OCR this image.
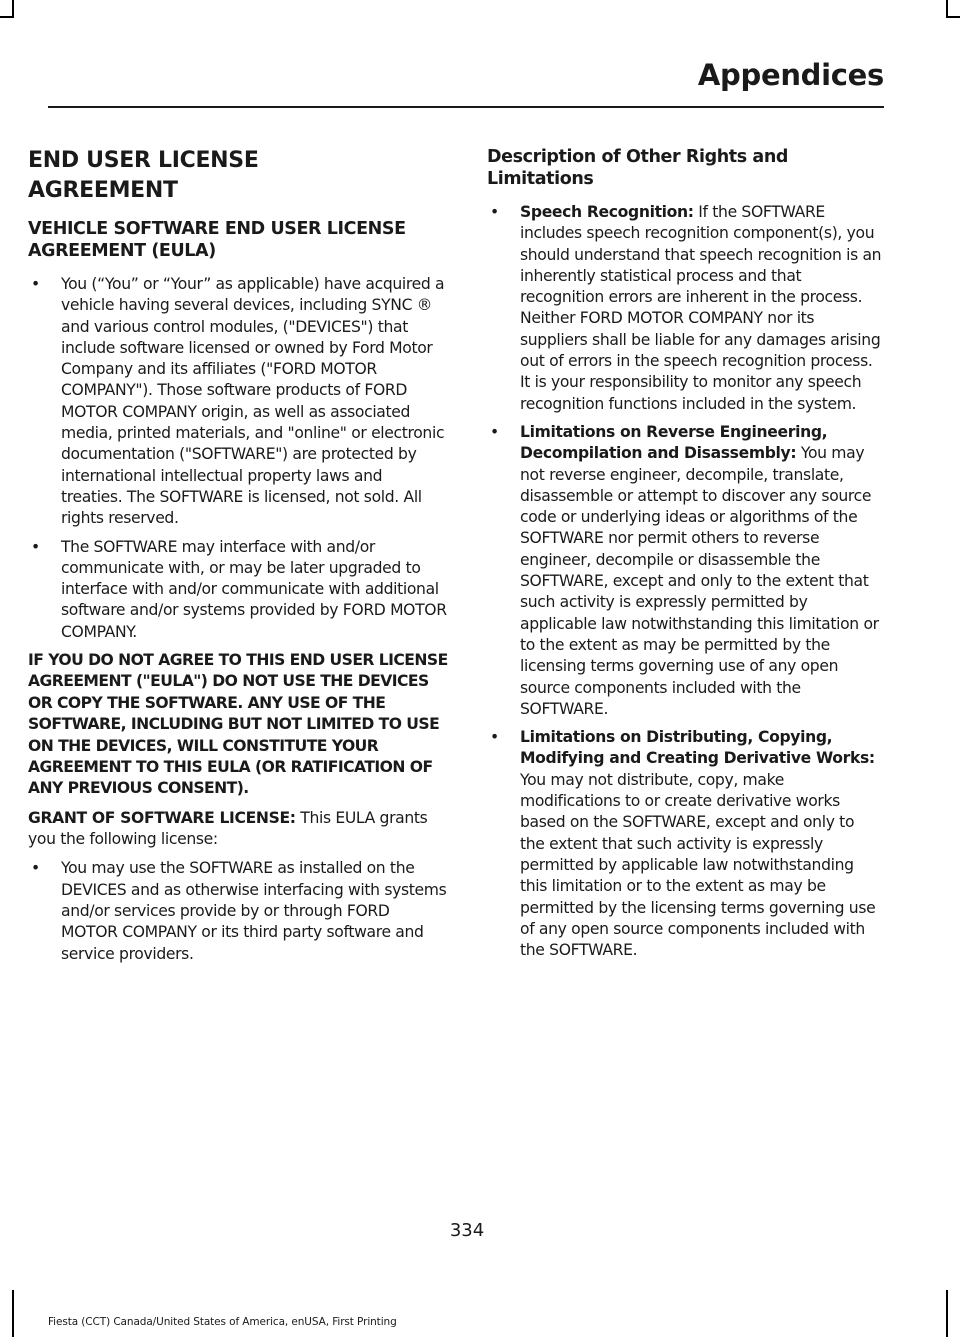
Appendices
END USER LICENSE
AGREEMENT
VEHICLE SOFTWARE END USER LICENSE AGREEMENT (EULA)
• You (“You” or “Your” as applicable) have acquired a vehicle having several devices, including SYNC ® and various control modules, ("DEVICES") that include software licensed or owned by Ford Motor Company and its affiliates ("FORD MOTOR COMPANY"). Those software products of FORD MOTOR COMPANY origin, as well as associated media, printed materials, and "online" or electronic documentation ("SOFTWARE") are protected by international intellectual property laws and treaties. The SOFTWARE is licensed, not sold. All rights reserved.
• The SOFTWARE may interface with and/or communicate with, or may be later upgraded to interface with and/or communicate with additional software and/or systems provided by FORD MOTOR COMPANY.

IF YOU DO NOT AGREE TO THIS END USER LICENSE AGREEMENT ("EULA") DO NOT USE THE DEVICES OR COPY THE SOFTWARE. ANY USE OF THE SOFTWARE, INCLUDING BUT NOT LIMITED TO USE ON THE DEVICES, WILL CONSTITUTE YOUR AGREEMENT TO THIS EULA (OR RATIFICATION OF ANY PREVIOUS CONSENT).

GRANT OF SOFTWARE LICENSE: This EULA grants you the following license:

• You may use the SOFTWARE as installed on the DEVICES and as otherwise interfacing with systems and/or services provide by or through FORD MOTOR COMPANY or its third party software and service providers.
Description of Other Rights and Limitations
• Speech Recognition: If the SOFTWARE includes speech recognition component(s), you should understand that speech recognition is an inherently statistical process and that recognition errors are inherent in the process. Neither FORD MOTOR COMPANY nor its suppliers shall be liable for any damages arising out of errors in the speech recognition process. It is your responsibility to monitor any speech recognition functions included in the system.
• Limitations on Reverse Engineering, Decompilation and Disassembly: You may not reverse engineer, decompile, translate, disassemble or attempt to discover any source code or underlying ideas or algorithms of the SOFTWARE nor permit others to reverse engineer, decompile or disassemble the SOFTWARE, except and only to the extent that such activity is expressly permitted by applicable law notwithstanding this limitation or to the extent as may be permitted by the licensing terms governing use of any open source components included with the SOFTWARE.
• Limitations on Distributing, Copying, Modifying and Creating Derivative Works: You may not distribute, copy, make modifications to or create derivative works based on the SOFTWARE, except and only to the extent that such activity is expressly permitted by applicable law notwithstanding this limitation or to the extent as may be permitted by the licensing terms governing use of any open source components included with the SOFTWARE.
334
Fiesta (CCT) Canada/United States of America, enUSA, First Printing
